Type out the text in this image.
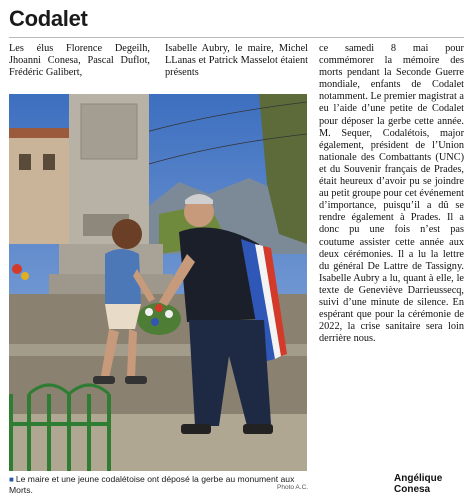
Codalet
Les élus Florence Degeilh, Jhoanni Conesa, Pascal Duflot, Frédéric Galibert,
Isabelle Aubry, le maire, Michel LLanas et Patrick Masselot étaient présents
ce samedi 8 mai pour commémorer la mémoire des morts pendant la Seconde Guerre mondiale, enfants de Codalet notamment. Le premier magistrat a eu l’aide d’une petite de Codalet pour déposer la gerbe cette année. M. Sequer, Codalétois, major également, président de l’Union nationale des Combattants (UNC) et du Souvenir français de Prades, était heureux d’avoir pu se joindre au petit groupe pour cet événement d’importance, puisqu’il a dû se rendre également à Prades. Il a donc pu une fois n’est pas coutume assister cette année aux deux cérémonies. Il a lu la lettre du général De Lattre de Tassigny. Isabelle Aubry a lu, quant à elle, le texte de Geneviève Darrieussecq, suivi d’une minute de silence. En espérant que pour la cérémonie de 2022, la crise sanitaire sera loin derrière nous.
Angélique Conesa
■ Le maire et une jeune codalétoise ont déposé la gerbe au monument aux Morts.	Photo A.C.
